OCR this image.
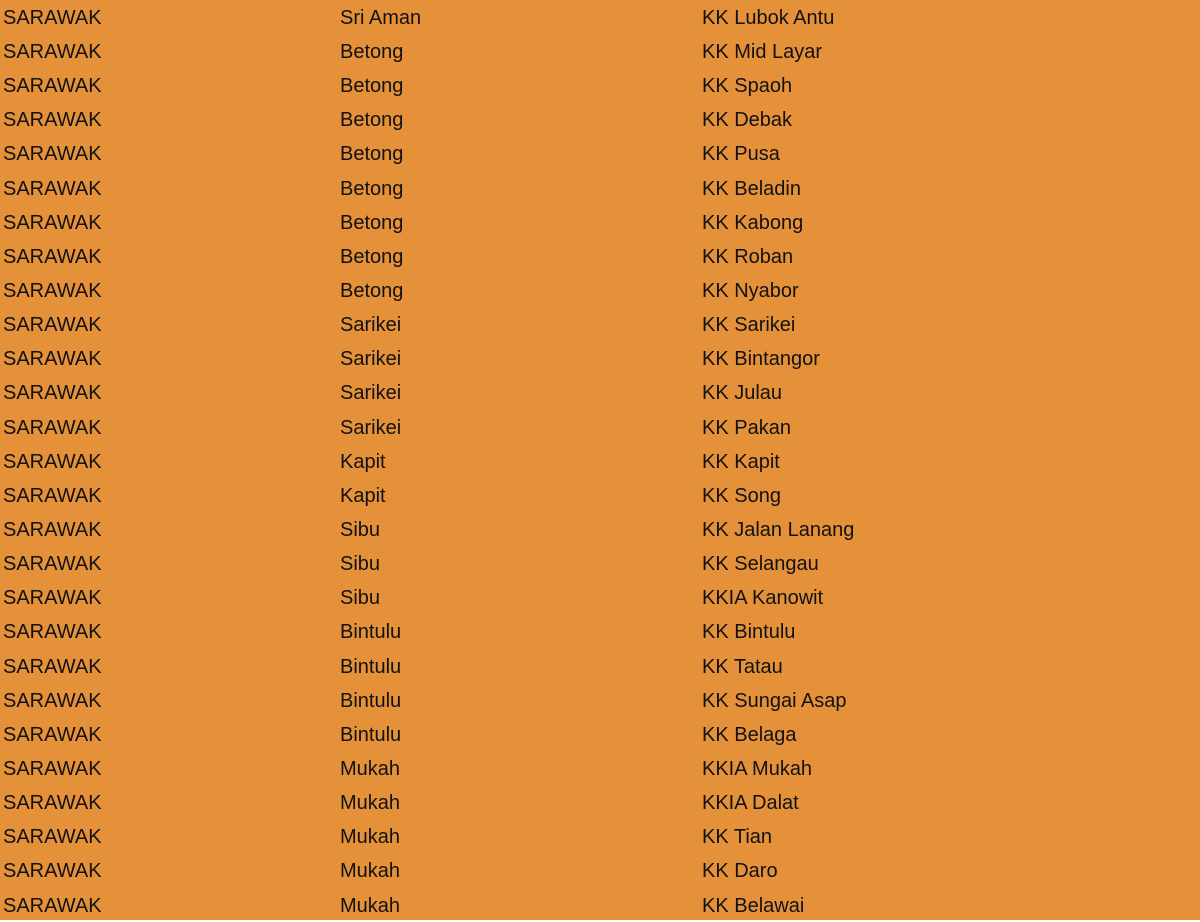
SARAWAK	Sri Aman	KK Lubok Antu
SARAWAK	Betong	KK Mid Layar
SARAWAK	Betong	KK Spaoh
SARAWAK	Betong	KK Debak
SARAWAK	Betong	KK Pusa
SARAWAK	Betong	KK Beladin
SARAWAK	Betong	KK Kabong
SARAWAK	Betong	KK Roban
SARAWAK	Betong	KK Nyabor
SARAWAK	Sarikei	KK Sarikei
SARAWAK	Sarikei	KK Bintangor
SARAWAK	Sarikei	KK Julau
SARAWAK	Sarikei	KK Pakan
SARAWAK	Kapit	KK Kapit
SARAWAK	Kapit	KK Song
SARAWAK	Sibu	KK Jalan Lanang
SARAWAK	Sibu	KK Selangau
SARAWAK	Sibu	KKIA Kanowit
SARAWAK	Bintulu	KK Bintulu
SARAWAK	Bintulu	KK Tatau
SARAWAK	Bintulu	KK Sungai Asap
SARAWAK	Bintulu	KK Belaga
SARAWAK	Mukah	KKIA Mukah
SARAWAK	Mukah	KKIA Dalat
SARAWAK	Mukah	KK Tian
SARAWAK	Mukah	KK Daro
SARAWAK	Mukah	KK Belawai
